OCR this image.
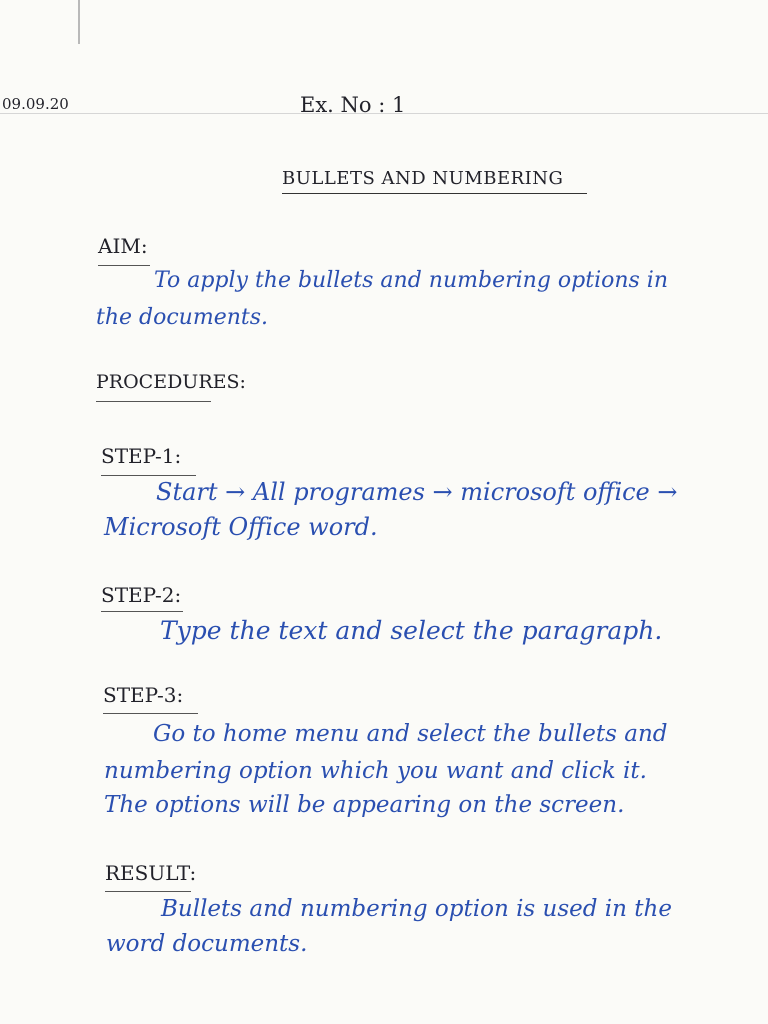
09.09.20	Ex. No : 1
BULLETS AND NUMBERING
AIM:
To apply the bullets and numbering options in
the documents.
PROCEDURES:
STEP-1:
Start → All programes → microsoft office →
Microsoft Office word.
STEP-2:
Type the text and select the paragraph.
STEP-3:
Go to home menu and select the bullets and
numbering option which you want and click it.
The options will be appearing on the screen.
RESULT:
Bullets and numbering option is used in the
word documents.
